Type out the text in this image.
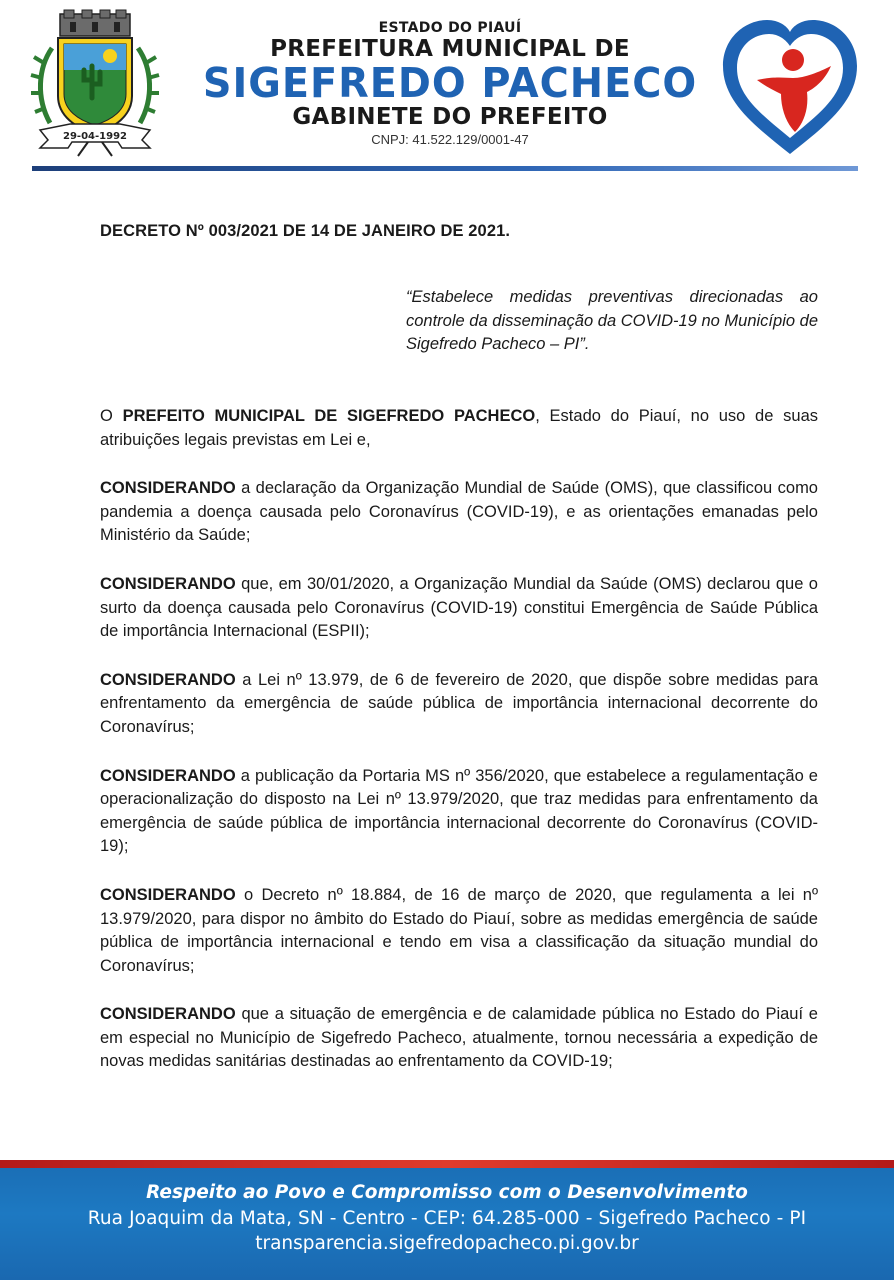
29-04-1992
ESTADO DO PIAUÍ
PREFEITURA MUNICIPAL DE
SIGEFREDO PACHECO
GABINETE DO PREFEITO
CNPJ: 41.522.129/0001-47
DECRETO Nº 003/2021 DE 14 DE JANEIRO DE 2021.
“Estabelece medidas preventivas direcionadas ao controle da disseminação da COVID-19 no Município de Sigefredo Pacheco – PI”.

O PREFEITO MUNICIPAL DE SIGEFREDO PACHECO, Estado do Piauí, no uso de suas atribuições legais previstas em Lei e,

CONSIDERANDO a declaração da Organização Mundial de Saúde (OMS), que classificou como pandemia a doença causada pelo Coronavírus (COVID-19), e as orientações emanadas pelo Ministério da Saúde;

CONSIDERANDO que, em 30/01/2020, a Organização Mundial da Saúde (OMS) declarou que o surto da doença causada pelo Coronavírus (COVID-19) constitui Emergência de Saúde Pública de importância Internacional (ESPII);

CONSIDERANDO a Lei nº 13.979, de 6 de fevereiro de 2020, que dispõe sobre medidas para enfrentamento da emergência de saúde pública de importância internacional decorrente do Coronavírus;

CONSIDERANDO a publicação da Portaria MS nº 356/2020, que estabelece a regulamentação e operacionalização do disposto na Lei nº 13.979/2020, que traz medidas para enfrentamento da emergência de saúde pública de importância internacional decorrente do Coronavírus (COVID-19);

CONSIDERANDO o Decreto nº 18.884, de 16 de março de 2020, que regulamenta a lei nº 13.979/2020, para dispor no âmbito do Estado do Piauí, sobre as medidas emergência de saúde pública de importância internacional e tendo em visa a classificação da situação mundial do Coronavírus;

CONSIDERANDO que a situação de emergência e de calamidade pública no Estado do Piauí e em especial no Município de Sigefredo Pacheco, atualmente, tornou necessária a expedição de novas medidas sanitárias destinadas ao enfrentamento da COVID-19;

Respeito ao Povo e Compromisso com o Desenvolvimento
Rua Joaquim da Mata, SN - Centro - CEP: 64.285-000 - Sigefredo Pacheco - PI
transparencia.sigefredopacheco.pi.gov.br
